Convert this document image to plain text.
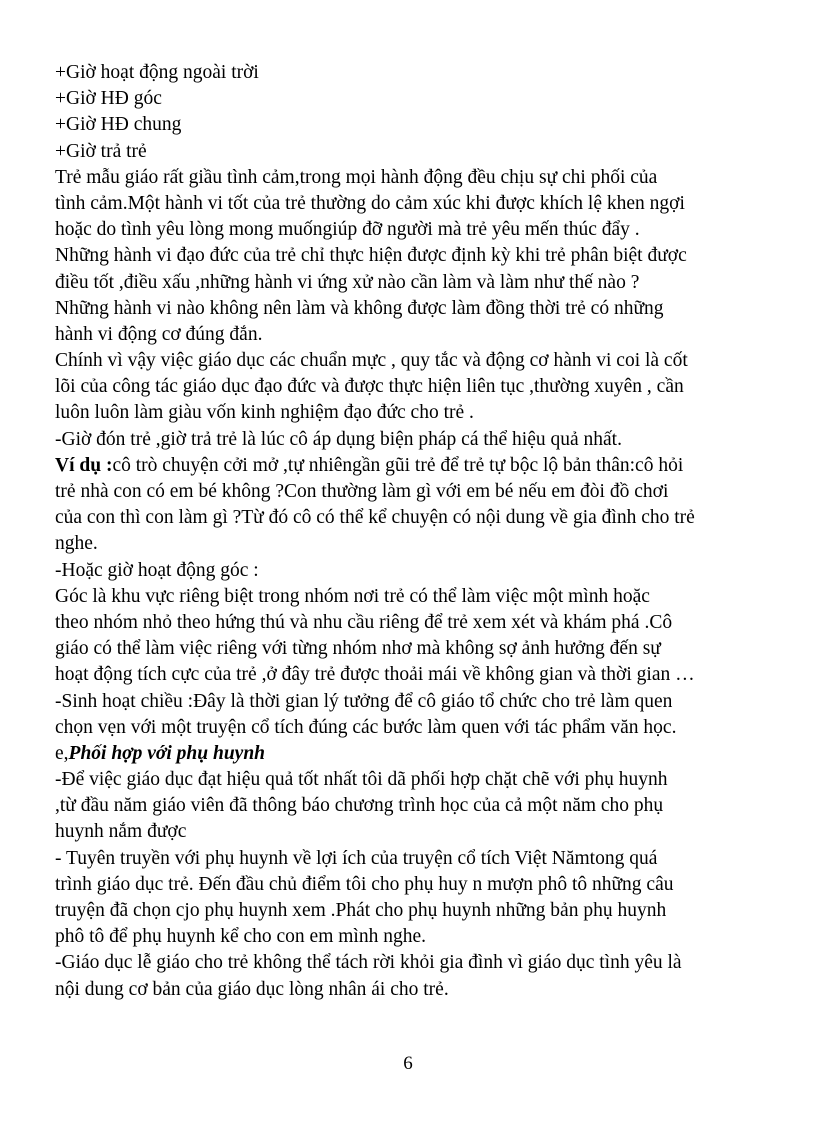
+Giờ hoạt động ngoài trời
+Giờ HĐ góc
+Giờ HĐ chung
+Giờ trả trẻ
Trẻ mẫu giáo rất giầu tình cảm,trong mọi hành động đều chịu sự chi phối của
tình cảm.Một hành vi tốt của trẻ thường do cảm xúc khi được khích lệ khen ngợi
hoặc do tình yêu lòng mong muốngiúp đỡ người mà trẻ yêu mến thúc đẩy .
Những hành vi đạo đức của trẻ chỉ thực hiện được định kỳ khi trẻ phân biệt được
điều tốt ,điều xấu ,những hành vi ứng xử nào cần làm và làm như thế nào ?
Những hành vi nào không nên làm và không được làm đồng thời trẻ có những
hành vi động cơ đúng đắn.
Chính vì vậy việc giáo dục các chuẩn mực , quy tắc và động cơ hành vi coi là cốt
lõi của công tác giáo dục đạo đức và được thực hiện liên tục ,thường xuyên , cần
luôn luôn làm giàu vốn kinh nghiệm đạo đức cho trẻ .
-Giờ đón trẻ ,giờ trả trẻ là lúc cô áp dụng biện pháp cá thể hiệu quả nhất.
Ví dụ :cô trò chuyện cởi mở ,tự nhiêngần gũi trẻ để trẻ tự bộc lộ bản thân:cô hỏi
trẻ nhà con có em bé không ?Con thường làm gì với em bé nếu em đòi đồ chơi
của con thì con làm gì ?Từ đó cô có thể kể chuyện có nội dung về gia đình cho trẻ
nghe.
-Hoặc giờ hoạt động góc :
Góc là khu vực riêng biệt trong nhóm nơi trẻ có thể làm việc một mình hoặc
theo nhóm nhỏ theo hứng thú và nhu cầu riêng để trẻ xem xét và khám phá .Cô
giáo có thể làm việc riêng với từng nhóm nhơ mà không sợ ảnh hưởng đến sự
hoạt động tích cực của trẻ ,ở đây trẻ được thoải mái về không gian và thời gian …
-Sinh hoạt chiều :Đây là thời gian lý tưởng để cô giáo tổ chức cho trẻ làm quen
chọn vẹn với một truyện cổ tích đúng các bước làm quen với tác phẩm văn học.
e,Phối hợp với phụ huynh
-Để việc giáo dục đạt hiệu quả tốt nhất tôi dã phối hợp chặt chẽ với phụ huynh
,từ đầu năm giáo viên đã thông báo chương trình học của cả một năm cho phụ
huynh nắm được
- Tuyên truyền với phụ huynh về lợi ích của truyện cổ tích Việt Nămtong quá
trình giáo dục trẻ. Đến đầu chủ điểm tôi cho phụ huy n mượn phô tô những câu
truyện đã chọn cjo phụ huynh xem .Phát cho phụ huynh những bản phụ huynh
phô tô để phụ huynh kể cho con em mình nghe.
-Giáo dục lễ giáo cho trẻ không thể tách rời khỏi gia đình vì giáo dục tình yêu là
nội dung cơ bản của giáo dục lòng nhân ái cho trẻ.
6
